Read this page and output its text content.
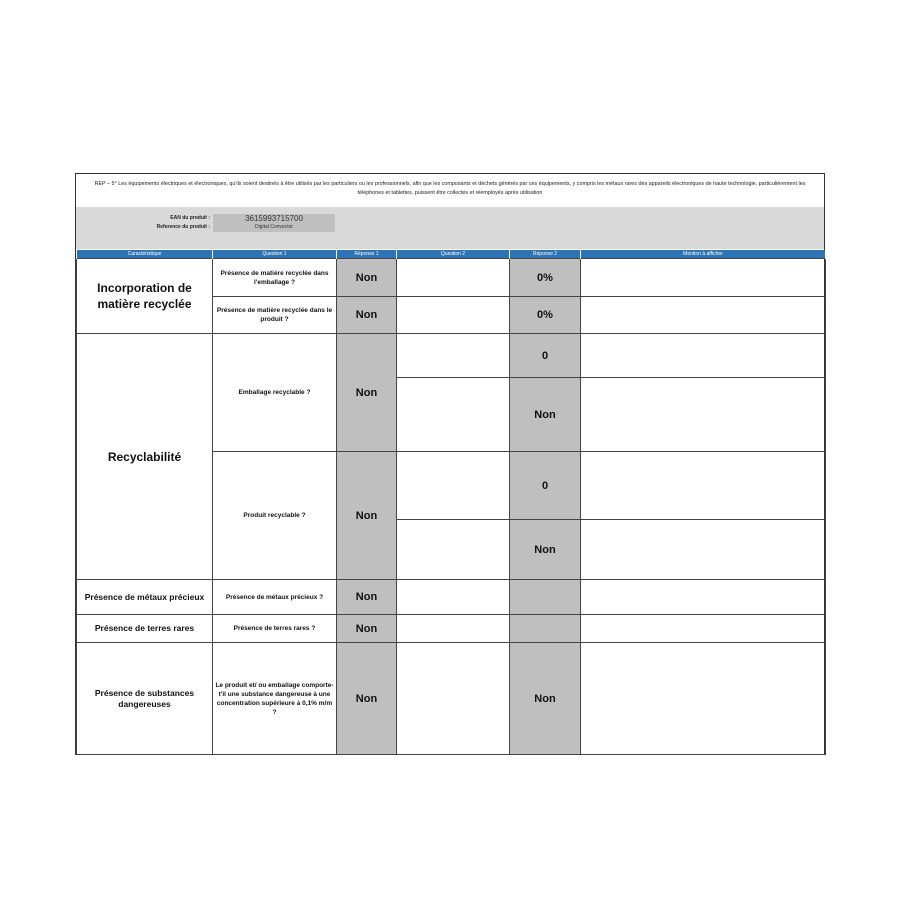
REP – 5° Les équipements électriques et électroniques, qu'ils soient destinés à être utilisés par les particuliers ou les professionnels, afin que les composants et déchets générés par ces équipements, y compris les métaux rares des appareils électroniques de haute technologie, particulièrement les téléphones et tablettes, puissent être collectés et réemployés après utilisation
EAN du produit :	3615993715700
Reference du produit :	Digital Convector
Caractéristique	Question 1	Réponse 1	Question 2	Réponse 2	Mention à afficher
Incorporation de matière recyclée	Présence de matière recyclée dans l'emballage ?	Non		0%	
	Présence de matière recyclée dans le produit ?	Non		0%	
Recyclabilité	Emballage recyclable ?	Non		0	
				Non	
	Produit recyclable ?	Non		0	
				Non	
Présence de métaux précieux	Présence de métaux précieux ?	Non			
Présence de terres rares	Présence de terres rares ?	Non			
Présence de substances dangereuses	Le produit et/ ou emballage comporte-t'il une substance dangereuse à une concentration supérieure à 0,1% m/m ?	Non		Non	
